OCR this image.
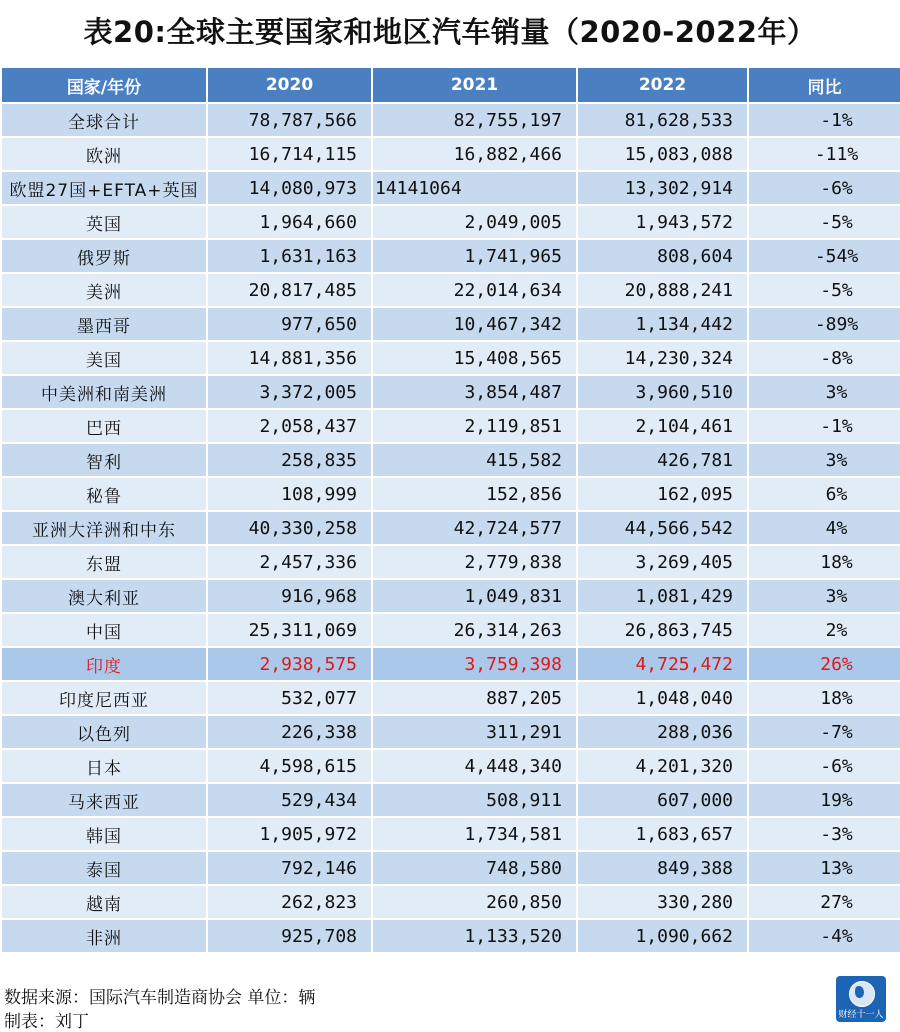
表20:全球主要国家和地区汽车销量（2020-2022年）
国家/年份	2020	2021	2022	同比
全球合计	78,787,566	82,755,197	81,628,533	-1%
欧洲	16,714,115	16,882,466	15,083,088	-11%
欧盟27国+EFTA+英国	14,080,973	14141064	13,302,914	-6%
英国	1,964,660	2,049,005	1,943,572	-5%
俄罗斯	1,631,163	1,741,965	808,604	-54%
美洲	20,817,485	22,014,634	20,888,241	-5%
墨西哥	977,650	10,467,342	1,134,442	-89%
美国	14,881,356	15,408,565	14,230,324	-8%
中美洲和南美洲	3,372,005	3,854,487	3,960,510	3%
巴西	2,058,437	2,119,851	2,104,461	-1%
智利	258,835	415,582	426,781	3%
秘鲁	108,999	152,856	162,095	6%
亚洲大洋洲和中东	40,330,258	42,724,577	44,566,542	4%
东盟	2,457,336	2,779,838	3,269,405	18%
澳大利亚	916,968	1,049,831	1,081,429	3%
中国	25,311,069	26,314,263	26,863,745	2%
印度	2,938,575	3,759,398	4,725,472	26%
印度尼西亚	532,077	887,205	1,048,040	18%
以色列	226,338	311,291	288,036	-7%
日本	4,598,615	4,448,340	4,201,320	-6%
马来西亚	529,434	508,911	607,000	19%
韩国	1,905,972	1,734,581	1,683,657	-3%
泰国	792,146	748,580	849,388	13%
越南	262,823	260,850	330,280	27%
非洲	925,708	1,133,520	1,090,662	-4%
数据来源：国际汽车制造商协会 单位：辆
制表：刘丁	财经十一人
